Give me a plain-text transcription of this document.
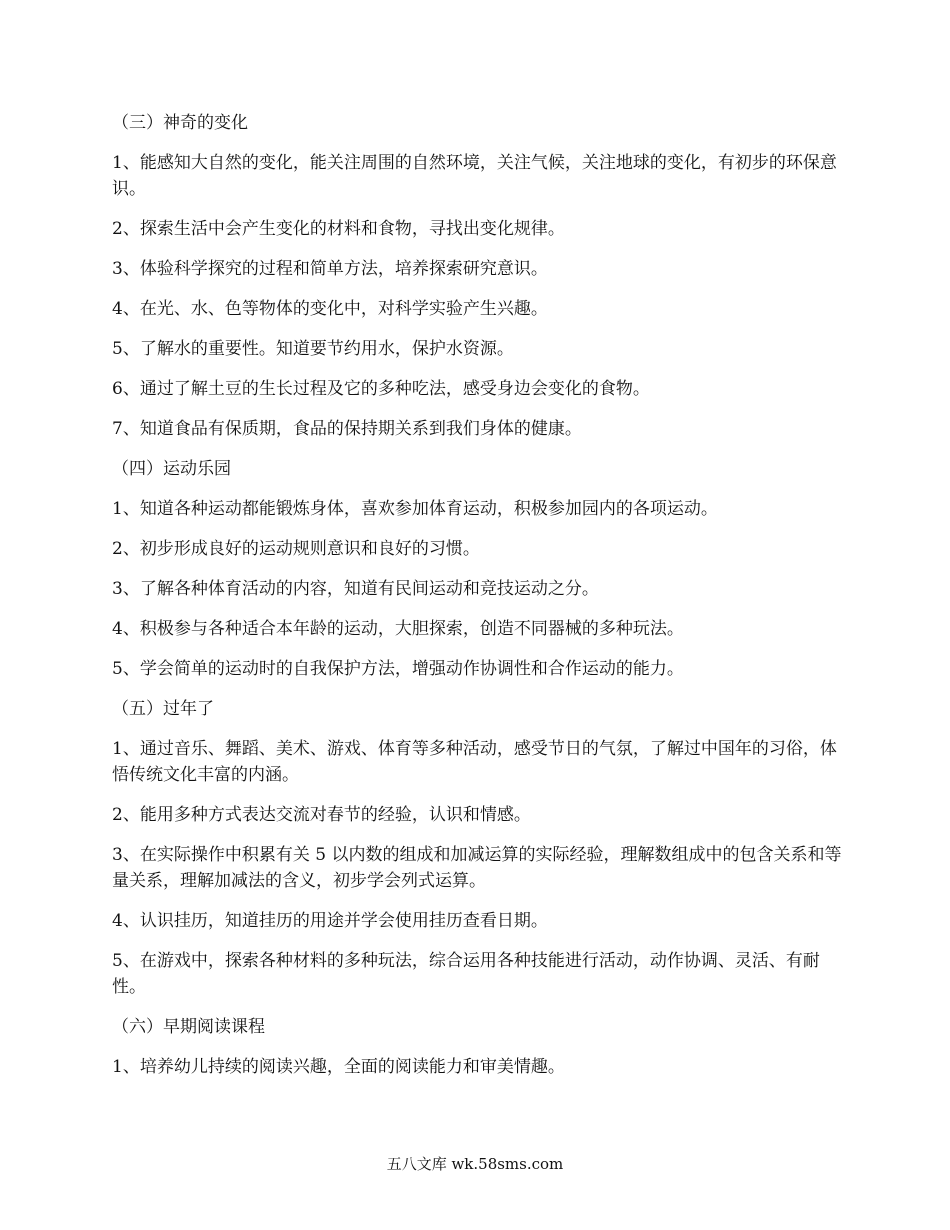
（三）神奇的变化

1、能感知大自然的变化，能关注周围的自然环境，关注气候，关注地球的变化，有初步的环保意识。

2、探索生活中会产生变化的材料和食物，寻找出变化规律。

3、体验科学探究的过程和简单方法，培养探索研究意识。

4、在光、水、色等物体的变化中，对科学实验产生兴趣。

5、了解水的重要性。知道要节约用水，保护水资源。

6、通过了解土豆的生长过程及它的多种吃法，感受身边会变化的食物。

7、知道食品有保质期，食品的保持期关系到我们身体的健康。

（四）运动乐园

1、知道各种运动都能锻炼身体，喜欢参加体育运动，积极参加园内的各项运动。

2、初步形成良好的运动规则意识和良好的习惯。

3、了解各种体育活动的内容，知道有民间运动和竞技运动之分。

4、积极参与各种适合本年龄的运动，大胆探索，创造不同器械的多种玩法。

5、学会简单的运动时的自我保护方法，增强动作协调性和合作运动的能力。

（五）过年了

1、通过音乐、舞蹈、美术、游戏、体育等多种活动，感受节日的气氛，了解过中国年的习俗，体悟传统文化丰富的内涵。

2、能用多种方式表达交流对春节的经验，认识和情感。

3、在实际操作中积累有关 5 以内数的组成和加减运算的实际经验，理解数组成中的包含关系和等量关系，理解加减法的含义，初步学会列式运算。

4、认识挂历，知道挂历的用途并学会使用挂历查看日期。

5、在游戏中，探索各种材料的多种玩法，综合运用各种技能进行活动，动作协调、灵活、有耐性。

（六）早期阅读课程

1、培养幼儿持续的阅读兴趣，全面的阅读能力和审美情趣。

五八文库 wk.58sms.com
